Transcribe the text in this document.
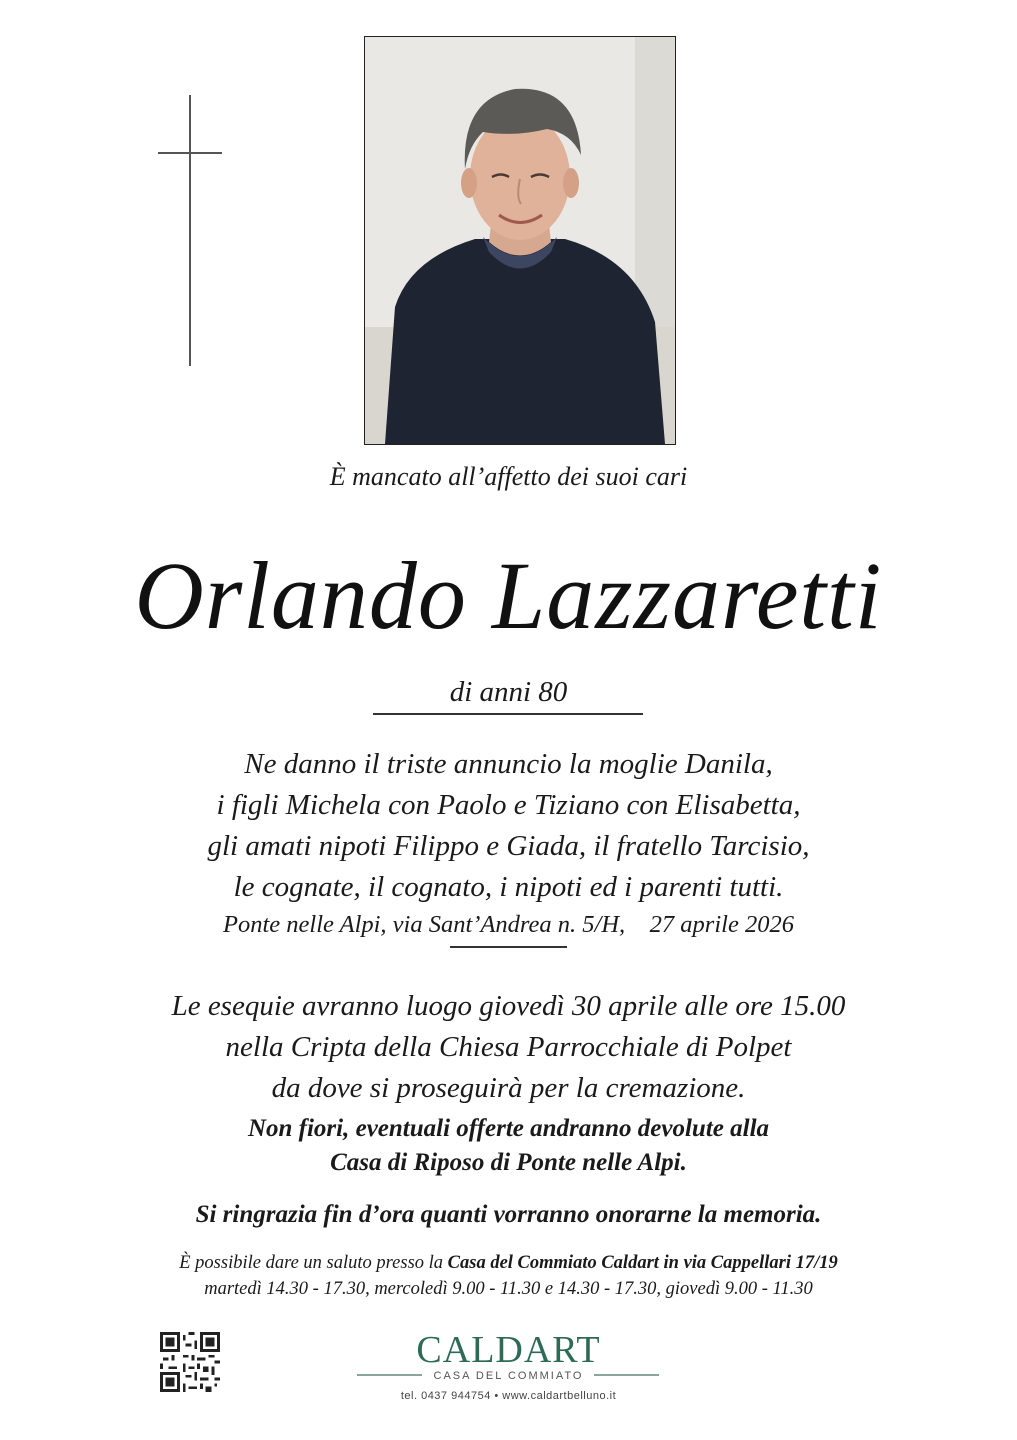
È mancato all’affetto dei suoi cari
Orlando Lazzaretti
di anni 80
Ne danno il triste annuncio la moglie Danila,
i figli Michela con Paolo e Tiziano con Elisabetta,
gli amati nipoti Filippo e Giada, il fratello Tarcisio,
le cognate, il cognato, i nipoti ed i parenti tutti.
Ponte nelle Alpi, via Sant’Andrea n. 5/H, 27 aprile 2026
Le esequie avranno luogo giovedì 30 aprile alle ore 15.00
nella Cripta della Chiesa Parrocchiale di Polpet
da dove si proseguirà per la cremazione.
Non fiori, eventuali offerte andranno devolute alla
Casa di Riposo di Ponte nelle Alpi.
Si ringrazia fin d’ora quanti vorranno onorarne la memoria.
È possibile dare un saluto presso la Casa del Commiato Caldart in via Cappellari 17/19
martedì 14.30 - 17.30, mercoledì 9.00 - 11.30 e 14.30 - 17.30, giovedì 9.00 - 11.30
CALDART
CASA DEL COMMIATO
tel. 0437 944754 • www.caldartbelluno.it
